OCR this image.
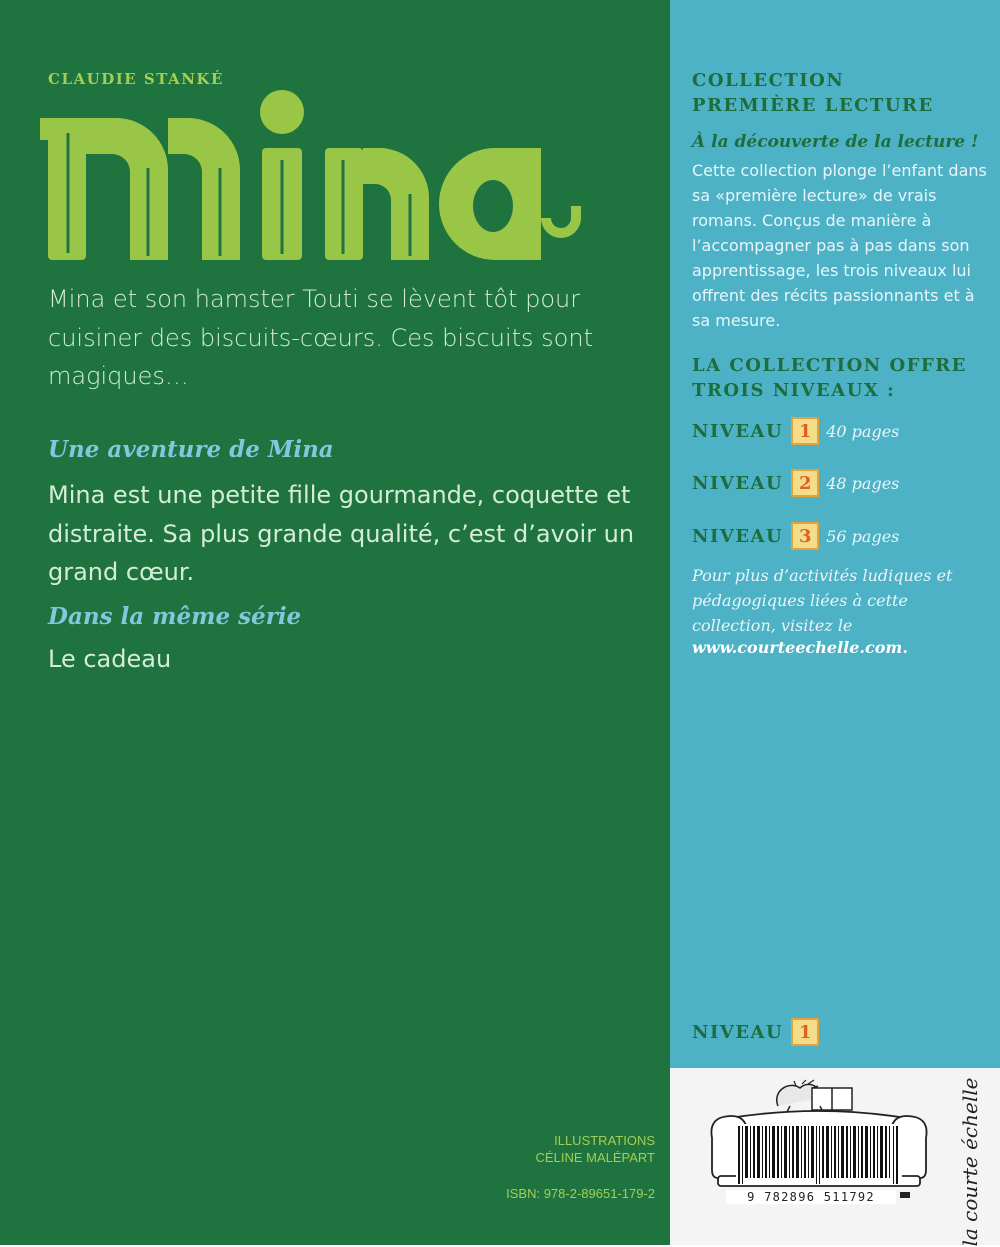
CLAUDIE STANKÉ

Mina et son hamster Touti se lèvent tôt pour cuisiner des biscuits-cœurs. Ces biscuits sont magiques…

Une aventure de Mina

Mina est une petite fille gourmande, coquette et distraite. Sa plus grande qualité, c’est d’avoir un grand cœur.

Dans la même série

Le cadeau

ILLUSTRATIONS
CÉLINE MALÉPART
ISBN: 978-2-89651-179-2
COLLECTION
PREMIÈRE LECTURE
À la découverte de la lecture !

Cette collection plonge l’enfant dans sa «première lecture» de vrais romans. Conçus de manière à l’accompagner pas à pas dans son apprentissage, les trois niveaux lui offrent des récits passionnants et à sa mesure.

LA COLLECTION OFFRE
TROIS NIVEAUX :
NIVEAU 1 40 pages
NIVEAU 2 48 pages
NIVEAU 3 56 pages

Pour plus d’activités ludiques et pédagogiques liées à cette collection, visitez le

www.courteechelle.com.
NIVEAU 1
9 782896 511792	la courte échelle
